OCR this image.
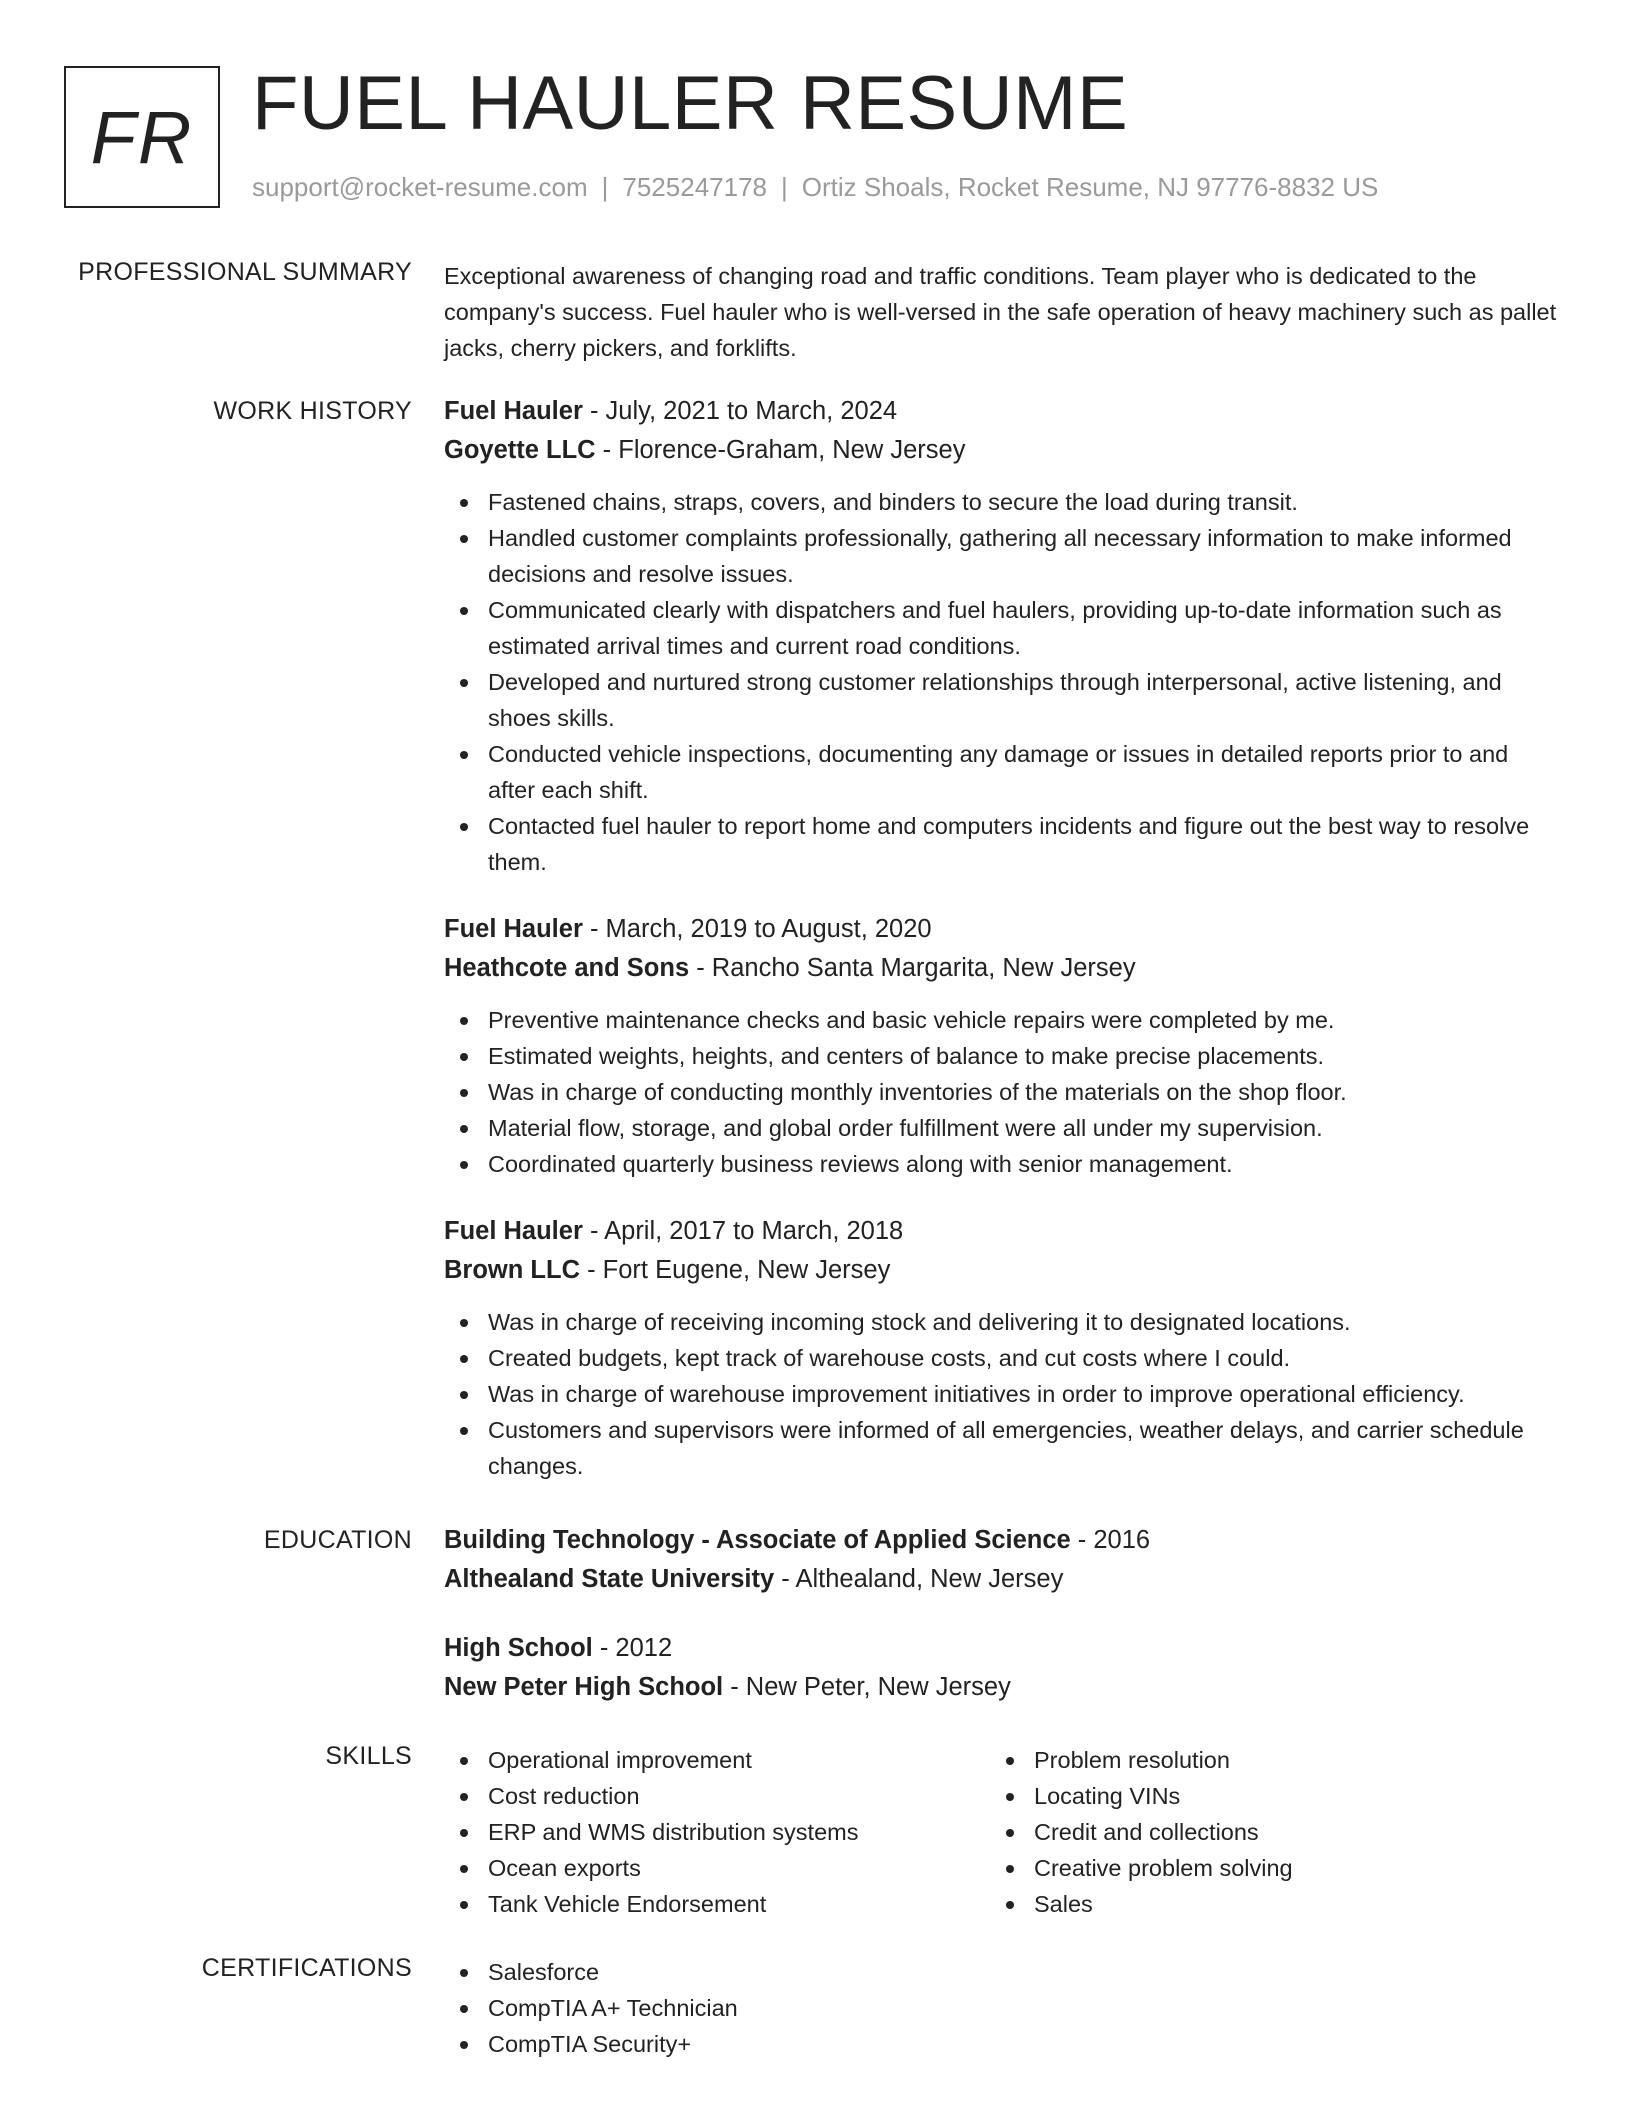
FR FUEL HAULER RESUME
support@rocket-resume.com | 7525247178 | Ortiz Shoals, Rocket Resume, NJ 97776-8832 US
PROFESSIONAL SUMMARY Exceptional awareness of changing road and traffic conditions. Team player who is dedicated to the company's success. Fuel hauler who is well-versed in the safe operation of heavy machinery such as pallet jacks, cherry pickers, and forklifts.
WORK HISTORY Fuel Hauler - July, 2021 to March, 2024
Goyette LLC - Florence-Graham, New Jersey
Fastened chains, straps, covers, and binders to secure the load during transit.
Handled customer complaints professionally, gathering all necessary information to make informed decisions and resolve issues.
Communicated clearly with dispatchers and fuel haulers, providing up-to-date information such as estimated arrival times and current road conditions.
Developed and nurtured strong customer relationships through interpersonal, active listening, and shoes skills.
Conducted vehicle inspections, documenting any damage or issues in detailed reports prior to and after each shift.
Contacted fuel hauler to report home and computers incidents and figure out the best way to resolve them.
Fuel Hauler - March, 2019 to August, 2020
Heathcote and Sons - Rancho Santa Margarita, New Jersey
Preventive maintenance checks and basic vehicle repairs were completed by me.
Estimated weights, heights, and centers of balance to make precise placements.
Was in charge of conducting monthly inventories of the materials on the shop floor.
Material flow, storage, and global order fulfillment were all under my supervision.
Coordinated quarterly business reviews along with senior management.
Fuel Hauler - April, 2017 to March, 2018
Brown LLC - Fort Eugene, New Jersey
Was in charge of receiving incoming stock and delivering it to designated locations.
Created budgets, kept track of warehouse costs, and cut costs where I could.
Was in charge of warehouse improvement initiatives in order to improve operational efficiency.
Customers and supervisors were informed of all emergencies, weather delays, and carrier schedule changes.
EDUCATION Building Technology - Associate of Applied Science - 2016
Althealand State University - Althealand, New Jersey
High School - 2012
New Peter High School - New Peter, New Jersey
SKILLS	Operational improvement
Cost reduction
ERP and WMS distribution systems
Ocean exports
Tank Vehicle Endorsement
Problem resolution
Locating VINs
Credit and collections
Creative problem solving
Sales
CERTIFICATIONS	Salesforce
CompTIA A+ Technician
CompTIA Security+
